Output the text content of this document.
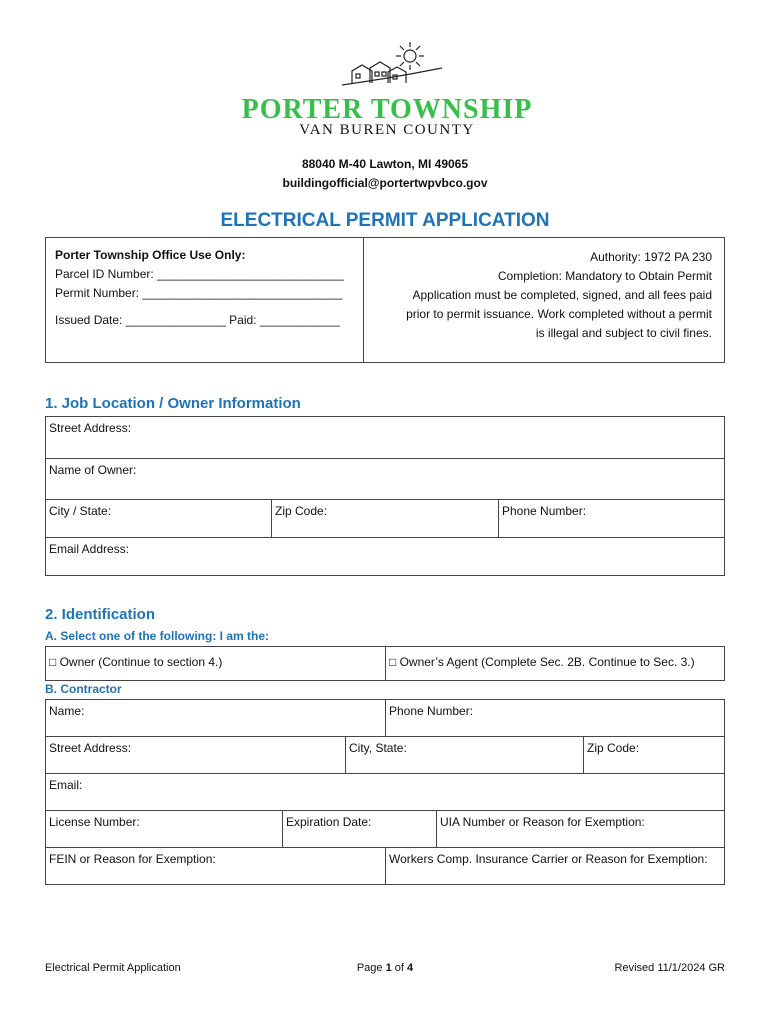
PORTER TOWNSHIP
VAN BUREN COUNTY
88040 M-40 Lawton, MI 49065
buildingofficial@portertwpvbco.gov
ELECTRICAL PERMIT APPLICATION
Porter Township Office Use Only:
Parcel ID Number: ____________________________
Permit Number: ______________________________
Issued Date: _______________ Paid: ____________
Authority: 1972 PA 230
Completion: Mandatory to Obtain Permit
Application must be completed, signed, and all fees paid
prior to permit issuance. Work completed without a permit
is illegal and subject to civil fines.
1. Job Location / Owner Information
Street Address:
Name of Owner:
City / State:	Zip Code:	Phone Number:
Email Address:
2. Identification
A. Select one of the following: I am the:
□ Owner (Continue to section 4.)	□ Owner’s Agent (Complete Sec. 2B. Continue to Sec. 3.)
B. Contractor
Name:	Phone Number:
Street Address:	City, State:	Zip Code:
Email:
License Number:	Expiration Date:	UIA Number or Reason for Exemption:
FEIN or Reason for Exemption:	Workers Comp. Insurance Carrier or Reason for Exemption:
Electrical Permit Application	Page 1 of 4	Revised 11/1/2024 GR
